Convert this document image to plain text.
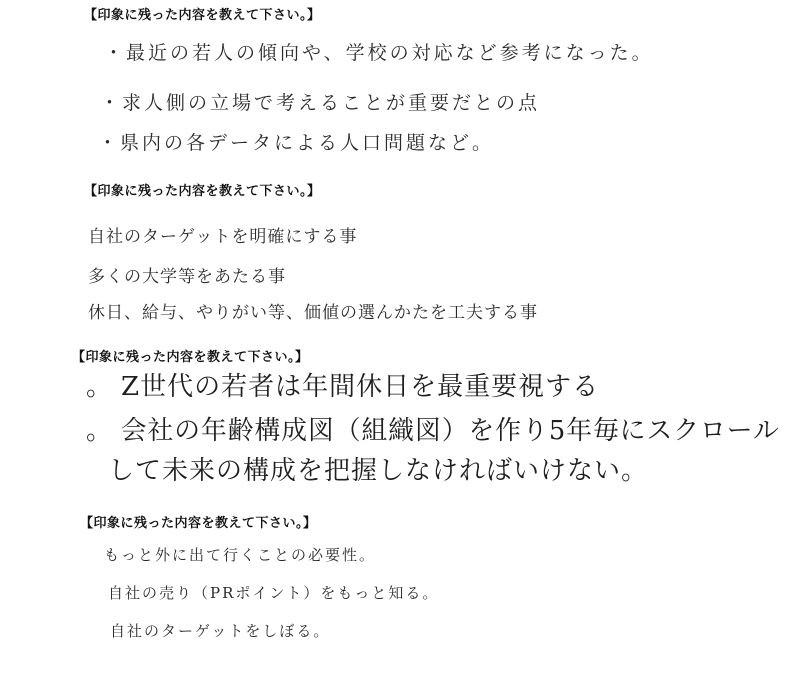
【印象に残った内容を教えて下さい。】
・最近の若人の傾向や、学校の対応など参考になった。
・求人側の立場で考えることが重要だとの点
・県内の各データによる人口問題など。
【印象に残った内容を教えて下さい。】
自社のターゲットを明確にする事
多くの大学等をあたる事
休日、給与、やりがい等、価値の選んかたを工夫する事
【印象に残った内容を教えて下さい。】
。 Z世代の若者は年間休日を最重要視する
。 会社の年齢構成図（組織図）を作り5年毎にスクロール
して未来の構成を把握しなければいけない。
【印象に残った内容を教えて下さい。】
もっと外に出て行くことの必要性。
自社の売り（PRポイント）をもっと知る。
自社のターゲットをしぼる。
